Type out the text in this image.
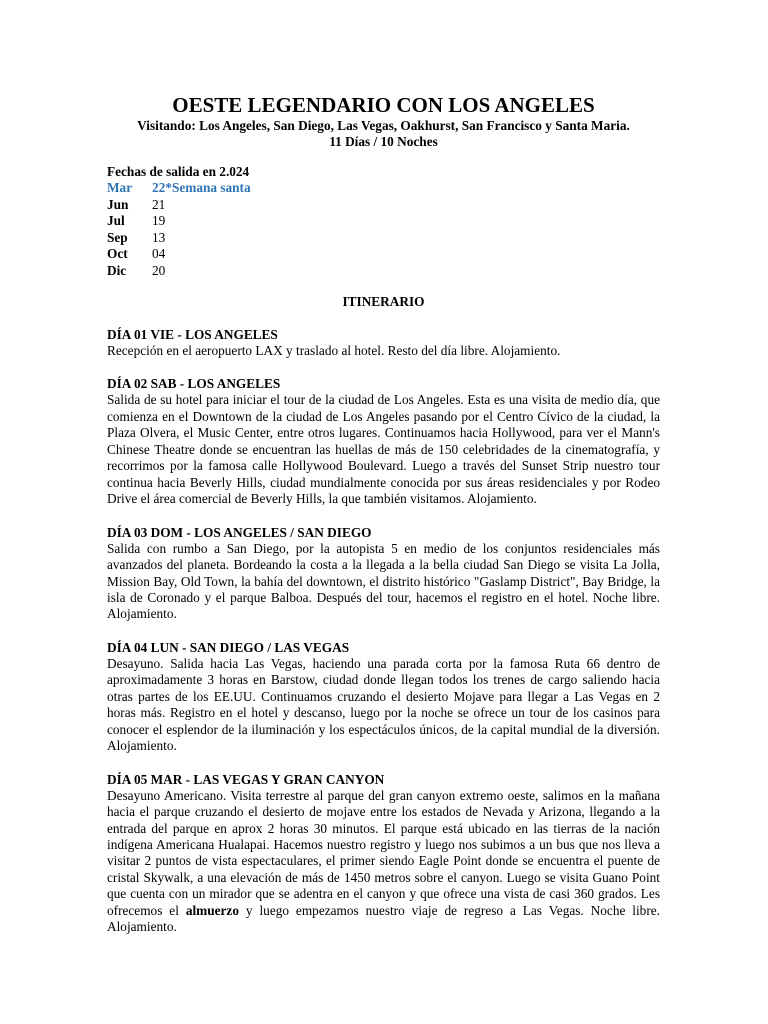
OESTE LEGENDARIO CON LOS ANGELES

Visitando: Los Angeles, San Diego, Las Vegas, Oakhurst, San Francisco y Santa Maria.

11 Días / 10 Noches

Fechas de salida en 2.024
Mar	22*Semana santa
Jun	21
Jul	19
Sep	13
Oct	04
Dic	20
ITINERARIO
DÍA 01 VIE - LOS ANGELES
Recepción en el aeropuerto LAX y traslado al hotel. Resto del día libre. Alojamiento.
DÍA 02 SAB - LOS ANGELES
Salida de su hotel para iniciar el tour de la ciudad de Los Angeles. Esta es una visita de medio día, que comienza en el Downtown de la ciudad de Los Angeles pasando por el Centro Cívico de la ciudad, la Plaza Olvera, el Music Center, entre otros lugares. Continuamos hacia Hollywood, para ver el Mann's Chinese Theatre donde se encuentran las huellas de más de 150 celebridades de la cinematografía, y recorrimos por la famosa calle Hollywood Boulevard. Luego a través del Sunset Strip nuestro tour continua hacia Beverly Hills, ciudad mundialmente conocida por sus áreas residenciales y por Rodeo Drive el área comercial de Beverly Hills, la que también visitamos. Alojamiento.
DÍA 03 DOM - LOS ANGELES / SAN DIEGO
Salida con rumbo a San Diego, por la autopista 5 en medio de los conjuntos residenciales más avanzados del planeta. Bordeando la costa a la llegada a la bella ciudad San Diego se visita La Jolla, Mission Bay, Old Town, la bahía del downtown, el distrito histórico "Gaslamp District", Bay Bridge, la isla de Coronado y el parque Balboa. Después del tour, hacemos el registro en el hotel. Noche libre. Alojamiento.
DÍA 04 LUN - SAN DIEGO / LAS VEGAS
Desayuno. Salida hacia Las Vegas, haciendo una parada corta por la famosa Ruta 66 dentro de aproximadamente 3 horas en Barstow, ciudad donde llegan todos los trenes de cargo saliendo hacia otras partes de los EE.UU. Continuamos cruzando el desierto Mojave para llegar a Las Vegas en 2 horas más. Registro en el hotel y descanso, luego por la noche se ofrece un tour de los casinos para conocer el esplendor de la iluminación y los espectáculos únicos, de la capital mundial de la diversión. Alojamiento.
DÍA 05 MAR - LAS VEGAS Y GRAN CANYON
Desayuno Americano. Visita terrestre al parque del gran canyon extremo oeste, salimos en la mañana hacia el parque cruzando el desierto de mojave entre los estados de Nevada y Arizona, llegando a la entrada del parque en aprox 2 horas 30 minutos. El parque está ubicado en las tierras de la nación indígena Americana Hualapai. Hacemos nuestro registro y luego nos subimos a un bus que nos lleva a visitar 2 puntos de vista espectaculares, el primer siendo Eagle Point donde se encuentra el puente de cristal Skywalk, a una elevación de más de 1450 metros sobre el canyon. Luego se visita Guano Point que cuenta con un mirador que se adentra en el canyon y que ofrece una vista de casi 360 grados. Les ofrecemos el almuerzo y luego empezamos nuestro viaje de regreso a Las Vegas. Noche libre. Alojamiento.
